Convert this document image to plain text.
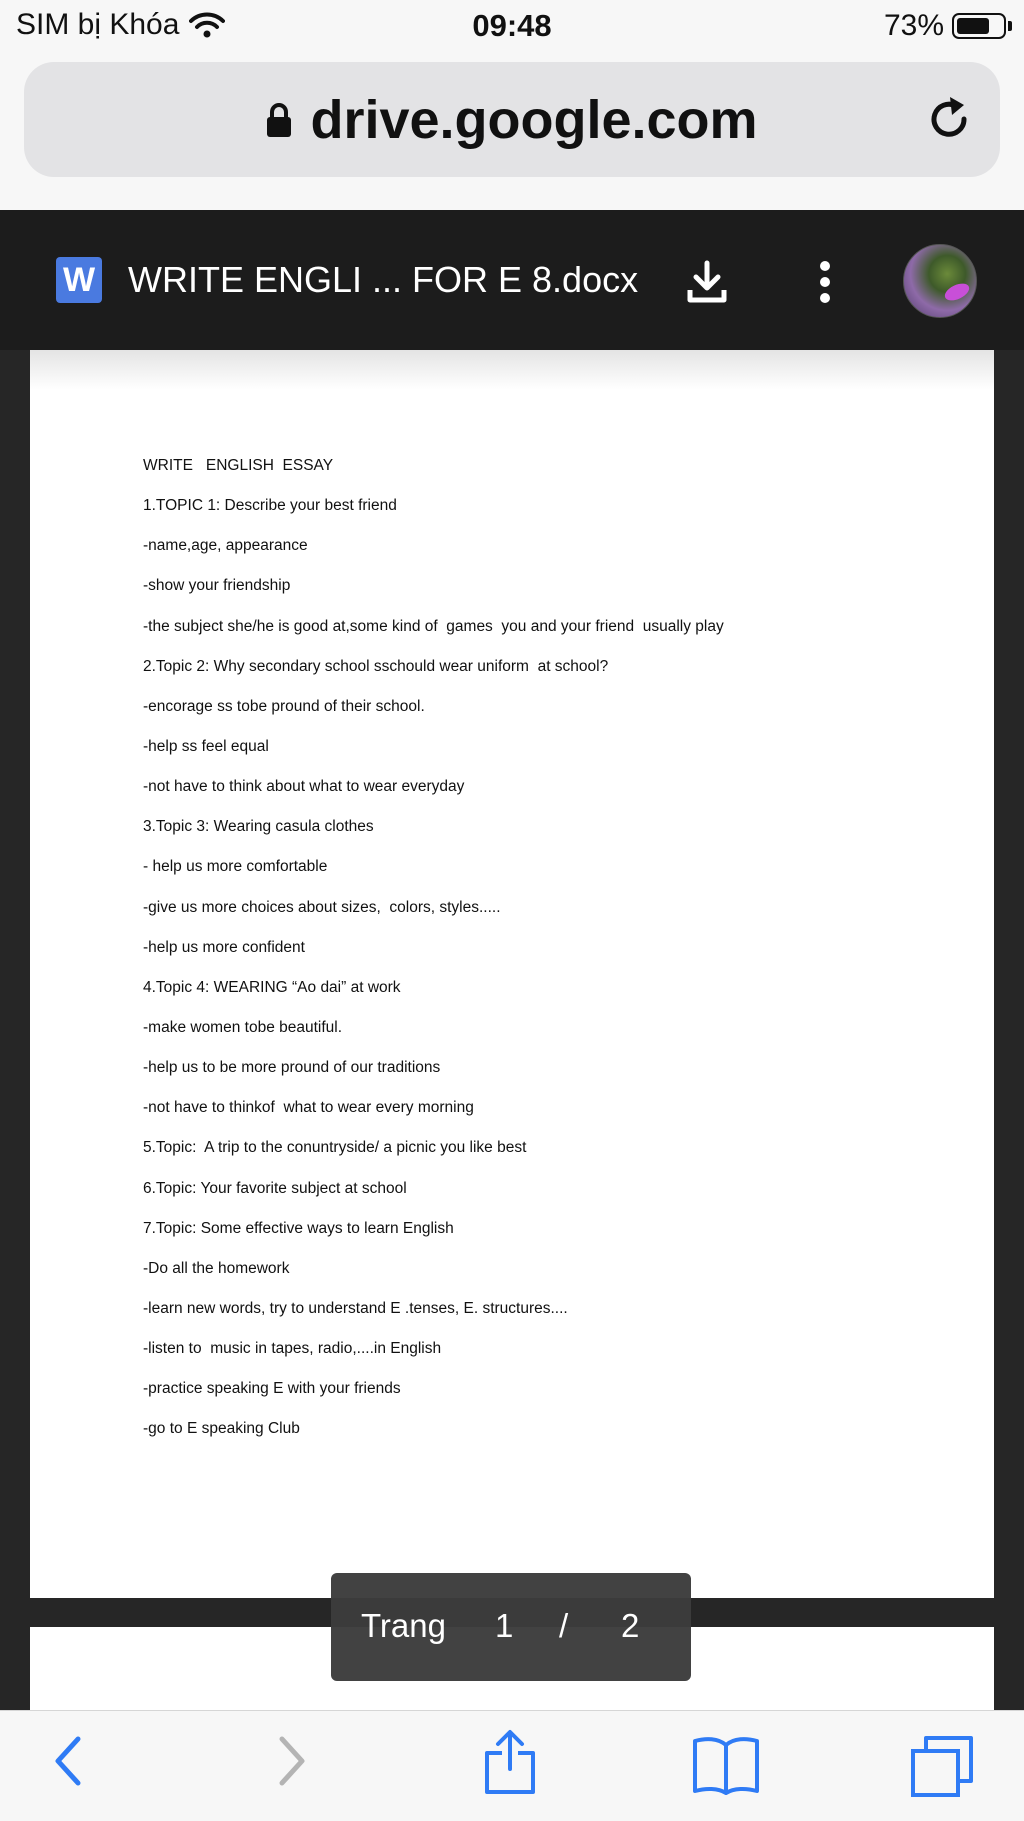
SIM bị Khóa	09:48	73%
drive.google.com
W WRITE ENGLI ... FOR E 8.docx
WRITE   ENGLISH  ESSAY
1.TOPIC 1: Describe your best friend
-name,age, appearance
-show your friendship
-the subject she/he is good at,some kind of  games  you and your friend  usually play
2.Topic 2: Why secondary school sschould wear uniform  at school?
-encorage ss tobe pround of their school.
-help ss feel equal
-not have to think about what to wear everyday
3.Topic 3: Wearing casula clothes
- help us more comfortable
-give us more choices about sizes,  colors, styles.....
-help us more confident
4.Topic 4: WEARING “Ao dai” at work
-make women tobe beautiful.
-help us to be more pround of our traditions
-not have to thinkof  what to wear every morning
5.Topic:  A trip to the conuntryside/ a picnic you like best
6.Topic: Your favorite subject at school
7.Topic: Some effective ways to learn English
-Do all the homework
-learn new words, try to understand E .tenses, E. structures....
-listen to  music in tapes, radio,....in English
-practice speaking E with your friends
-go to E speaking Club
Trang 1 / 2
